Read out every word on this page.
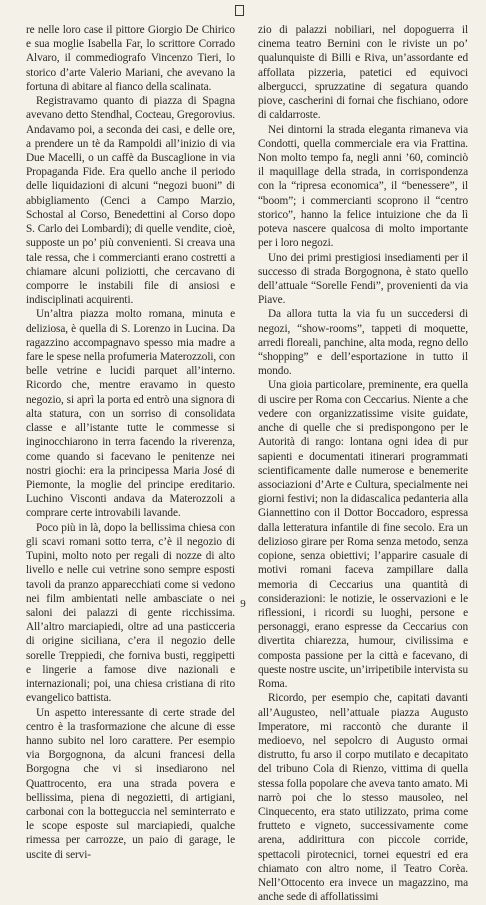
re nelle loro case il pittore Giorgio De Chirico e sua moglie Isabella Far, lo scrittore Corrado Alvaro, il commediografo Vincenzo Tieri, lo storico d’arte Valerio Mariani, che avevano la fortuna di abitare al fianco della scalinata.

Registravamo quanto di piazza di Spagna avevano detto Stendhal, Cocteau, Gregorovius. Andavamo poi, a seconda dei casi, e delle ore, a prendere un tè da Rampoldi all’inizio di via Due Macelli, o un caffè da Buscaglione in via Propaganda Fide. Era quello anche il periodo delle liquidazioni di alcuni “negozi buoni” di abbigliamento (Cenci a Campo Marzio, Schostal al Corso, Benedettini al Corso dopo S. Carlo dei Lombardi); di quelle vendite, cioè, supposte un po’ più convenienti. Si creava una tale ressa, che i commercianti erano costretti a chiamare alcuni poliziotti, che cercavano di comporre le instabili file di ansiosi e indisciplinati acquirenti.

Un’altra piazza molto romana, minuta e deliziosa, è quella di S. Lorenzo in Lucina. Da ragazzino accompagnavo spesso mia madre a fare le spese nella profumeria Materozzoli, con belle vetrine e lucidi parquet all’interno. Ricordo che, mentre eravamo in questo negozio, si aprì la porta ed entrò una signora di alta statura, con un sorriso di consolidata classe e all’istante tutte le commesse si inginocchiarono in terra facendo la riverenza, come quando si facevano le penitenze nei nostri giochi: era la principessa Maria José di Piemonte, la moglie del principe ereditario. Luchino Visconti andava da Materozzoli a comprare certe introvabili lavande.

Poco più in là, dopo la bellissima chiesa con gli scavi romani sotto terra, c’è il negozio di Tupini, molto noto per regali di nozze di alto livello e nelle cui vetrine sono sempre esposti tavoli da pranzo apparecchiati come si vedono nei film ambientati nelle ambasciate o nei saloni dei palazzi di gente ricchissima. All’altro marciapiedi, oltre ad una pasticceria di origine siciliana, c’era il negozio delle sorelle Treppiedi, che forniva busti, reggipetti e lingerie a famose dive nazionali e internazionali; poi, una chiesa cristiana di rito evangelico battista.

Un aspetto interessante di certe strade del centro è la trasformazione che alcune di esse hanno subito nel loro carattere. Per esempio via Borgognona, da alcuni francesi della Borgogna che vi si insediarono nel Quattrocento, era una strada povera e bellissima, piena di negozietti, di artigiani, carbonai con la botteguccia nel seminterrato e le scope esposte sul marciapiedi, qualche rimessa per carrozze, un paio di garage, le uscite di servi-

zio di palazzi nobiliari, nel dopoguerra il cinema teatro Bernini con le riviste un po’ qualunquiste di Billi e Riva, un’assordante ed affollata pizzeria, patetici ed equivoci albergucci, spruzzatine di segatura quando piove, cascherini di fornai che fischiano, odore di caldarroste.

Nei dintorni la strada eleganta rimaneva via Condotti, quella commerciale era via Frattina. Non molto tempo fa, negli anni ’60, cominciò il maquillage della strada, in corrispondenza con la “ripresa economica”, il “benessere”, il “boom”; i commercianti scoprono il “centro storico”, hanno la felice intuizione che da lì poteva nascere qualcosa di molto importante per i loro negozi.

Uno dei primi prestigiosi insediamenti per il successo di strada Borgognona, è stato quello dell’attuale “Sorelle Fendi”, provenienti da via Piave.

Da allora tutta la via fu un succedersi di negozi, “show-rooms”, tappeti di moquette, arredi floreali, panchine, alta moda, regno dello “shopping” e dell’esportazione in tutto il mondo.

Una gioia particolare, preminente, era quella di uscire per Roma con Ceccarius. Niente a che vedere con organizzatissime visite guidate, anche di quelle che si predispongono per le Autorità di rango: lontana ogni idea di pur sapienti e documentati itinerari programmati scientificamente dalle numerose e benemerite associazioni d’Arte e Cultura, specialmente nei giorni festivi; non la didascalica pedanteria alla Giannettino con il Dottor Boccadoro, espressa dalla letteratura infantile di fine secolo. Era un delizioso girare per Roma senza metodo, senza copione, senza obiettivi; l’apparire casuale di motivi romani faceva zampillare dalla memoria di Ceccarius una quantità di considerazioni: le notizie, le osservazioni e le riflessioni, i ricordi su luoghi, persone e personaggi, erano espresse da Ceccarius con divertita chiarezza, humour, civilissima e composta passione per la città e facevano, di queste nostre uscite, un’irripetibile intervista su Roma.

Ricordo, per esempio che, capitati davanti all’Augusteo, nell’attuale piazza Augusto Imperatore, mi raccontò che durante il medioevo, nel sepolcro di Augusto ormai distrutto, fu arso il corpo mutilato e decapitato del tribuno Cola di Rienzo, vittima di quella stessa folla popolare che aveva tanto amato. Mi narrò poi che lo stesso mausoleo, nel Cinquecento, era stato utilizzato, prima come frutteto e vigneto, successivamente come arena, addirittura con piccole corride, spettacoli pirotecnici, tornei equestri ed era chiamato con altro nome, il Teatro Corèa. Nell’Ottocento era invece un magazzino, ma anche sede di affollatissimi

9
